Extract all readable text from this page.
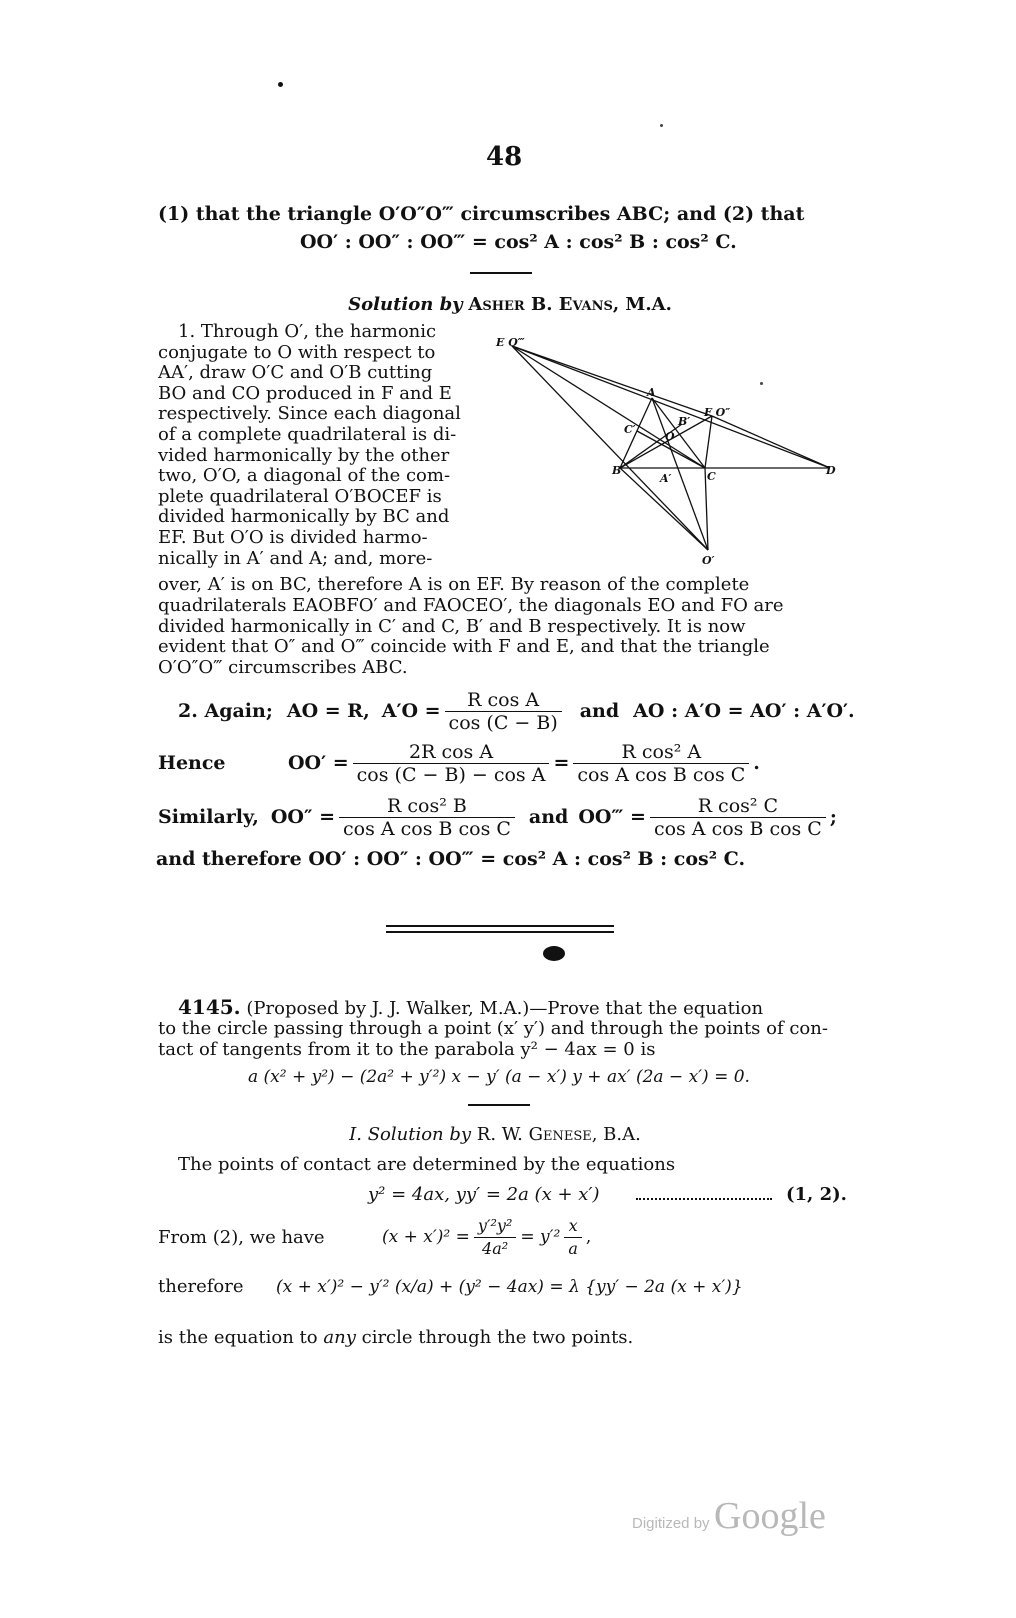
48
(1) that the triangle O′O″O‴ circumscribes ABC; and (2) that
OO′ : OO″ : OO‴ = cos² A : cos² B : cos² C.
Solution by Asher B. Evans, M.A.
1. Through O′, the harmonic
conjugate to O with respect to
AA′, draw O′C and O′B cutting
BO and CO produced in F and E
respectively. Since each diagonal
of a complete quadrilateral is di-
vided harmonically by the other
two, O′O, a diagonal of the com-
plete quadrilateral O′BOCEF is
divided harmonically by BC and
EF. But O′O is divided harmo-
nically in A′ and A; and, more-
over, A′ is on BC, therefore A is on EF. By reason of the complete
quadrilaterals EAOBFO′ and FAOCEO′, the diagonals EO and FO are
divided harmonically in C′ and C, B′ and B respectively. It is now
evident that O″ and O‴ coincide with F and E, and that the triangle
O′O″O‴ circumscribes ABC.
E O‴
A
F O″
B′
C′
O
B
A′	C	D
O′
2. Again; AO = R, $A'O = \frac{\text{R cos A}}{\cos (C - B)}$ and AO : A′O = AO′ : A′O′.
Hence	$OO' = \frac{\text{2R cos A}}{\text{cos (C − B) − cos A}} = \frac{\text{R cos² A}}{\text{cos A cos B cos C}}$ .
Similarly, $OO'' = \frac{\text{R cos² B}}{\text{cos A cos B cos C}}$ and OO‴ = $\frac{\text{R cos² C}}{\text{cos A cos B cos C}}$ ;
and therefore OO′ : OO″ : OO‴ = cos² A : cos² B : cos² C.
4145. (Proposed by J. J. Walker, M.A.)—Prove that the equation
to the circle passing through a point (x′ y′) and through the points of con-
tact of tangents from it to the parabola y² − 4ax = 0 is
a (x² + y²) − (2a² + y′²) x − y′ (a − x′) y + ax′ (2a − x′) = 0.
I. Solution by R. W. Genese, B.A.
The points of contact are determined by the equations
y² = 4ax, yy′ = 2a (x + x′)	(1, 2).
From (2), we have	$(x + x')^2 = \frac{\text{y′²y²}}{\text{4a²}} = y'^2 \frac{x}{a}$ ,
therefore (x + x′)² − y′² (x/a) + (y² − 4ax) = λ {yy′ − 2a (x + x′)}
is the equation to any circle through the two points.
Digitized by Google
